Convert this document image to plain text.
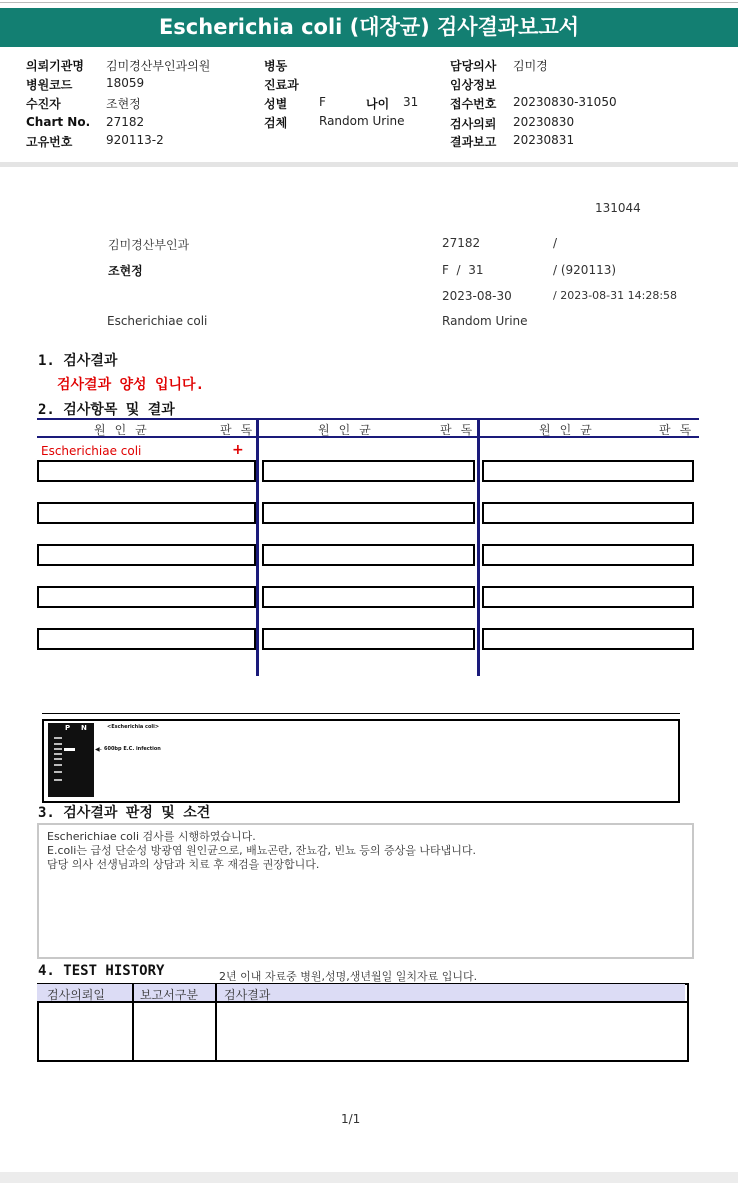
Escherichia coli (대장균) 검사결과보고서
의뢰기관명 김미경산부인과의원
병원코드	18059
수진자	조현정
Chart No. 27182
고유번호	920113-2
병동
진료과
성별	F	나이 31
검체	Random Urine
담당의사 김미경
임상정보
접수번호 20230830-31050
검사의뢰 20230830
결과보고 20230831
131044
김미경산부인과	27182	/
조현정	F  /  31	/ (920113)
2023-08-30	/ 2023-08-31 14:28:58
Escherichiae coli	Random Urine
1. 검사결과
검사결과 양성 입니다.
2. 검사항목 및 결과
원인균	판독	원인균	판독	원인균	판독
Escherichiae coli	+
P N	<Escherichia coli>
◀- 600bp E.C. infection
3. 검사결과 판정 및 소견
Escherichiae coli 검사를 시행하였습니다.
E.coli는 급성 단순성 방광염 원인균으로, 배뇨곤란, 잔뇨감, 빈뇨 등의 증상을 나타냅니다.
담당 의사 선생님과의 상담과 치료 후 재검을 권장합니다.
4. TEST HISTORY	2년 이내 자료중 병원,성명,생년월일 일치자료 입니다.
검사의뢰일	보고서구분 검사결과
1/1
